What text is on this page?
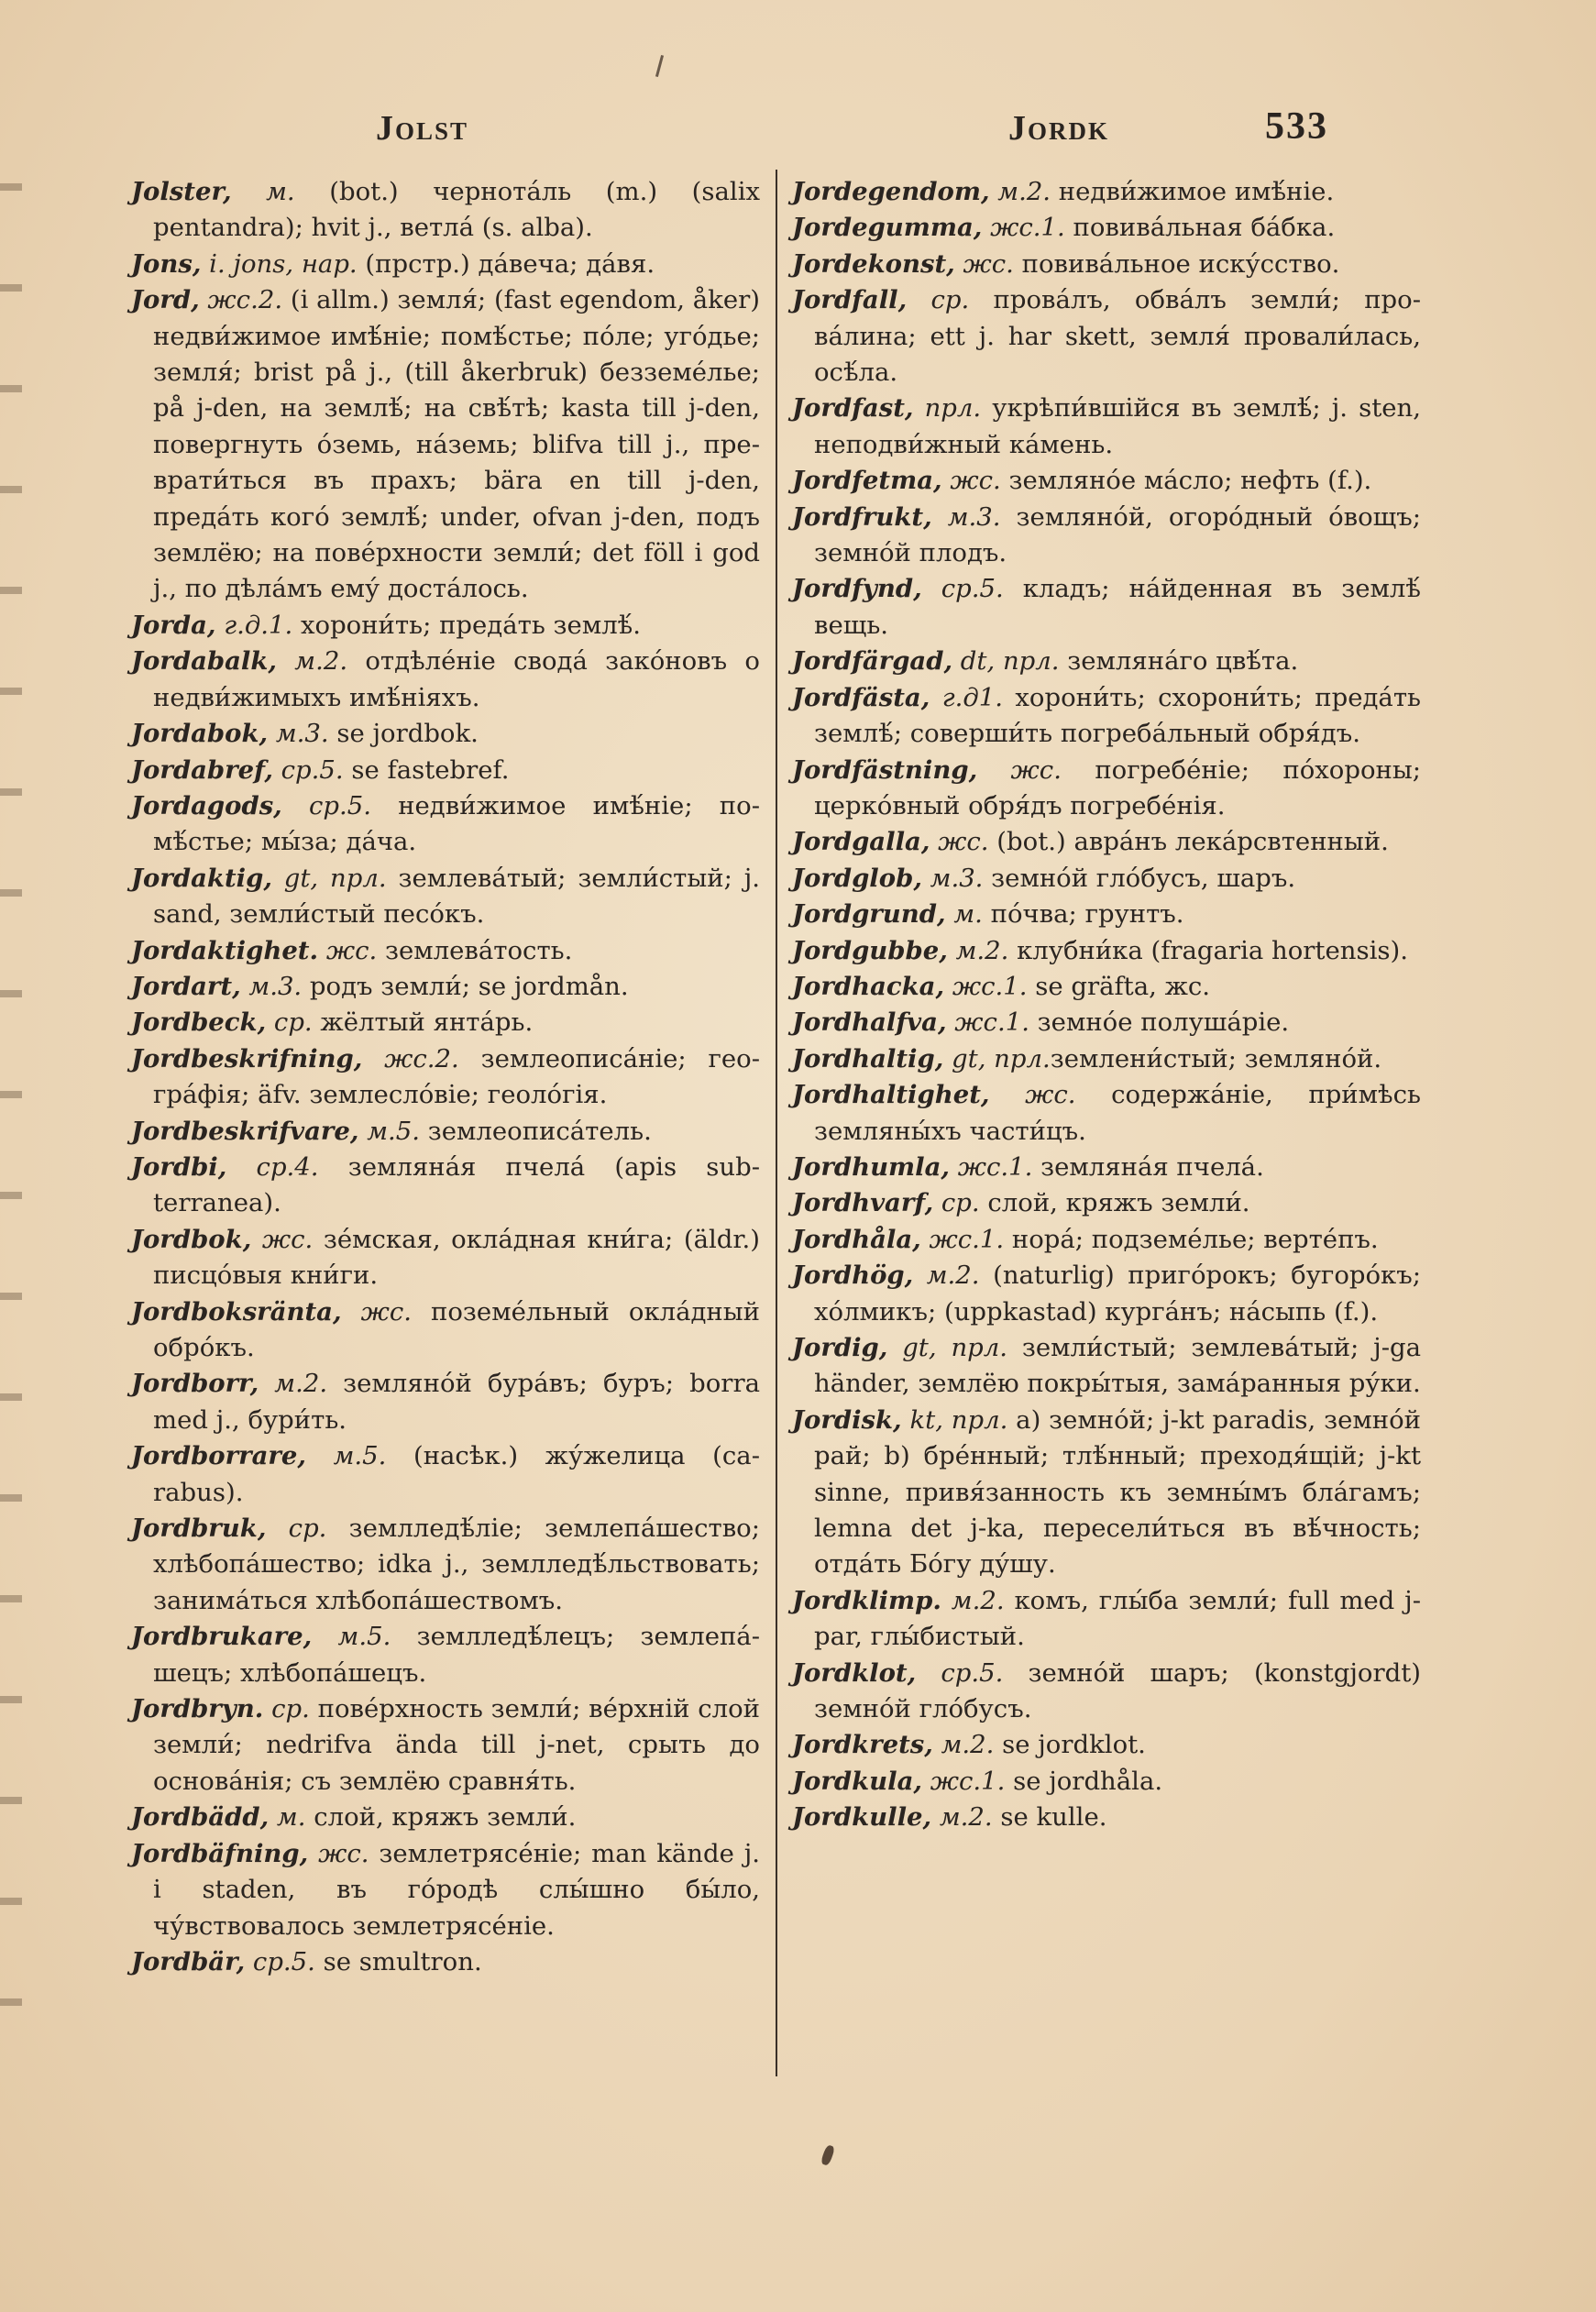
Jolst	Jordk	533

Jolster, м. (bot.) чернота́ль (m.) (salix pentandra); hvit j., ветла́ (s. alba).

Jons, i. jons, нар. (прстр.) да́веча; да́вя.

Jord, жс.2. (i allm.) земля́; (fast egendom, åker) недви́жимое имѣ́ніе; помѣ́стье; по́ле; уго́дье; земля́; brist på j., (till åkerbruk) безземе́лье; på j-den, на землѣ́; на свѣ́тѣ; kasta till j-den, повергнуть о́земь, на́земь; blifva till j., преврати́ться въ прахъ; bära en till j-den, преда́ть кого́ землѣ́; under, ofvan j-den, подъ землёю; на пове́рхности земли́; det föll i god j., по дѣла́мъ ему́ доста́лось.

Jorda, г.д.1. хорони́ть; преда́ть землѣ́.

Jordabalk, м.2. отдѣле́ніе свода́ зако́новъ о недви́жимыхъ имѣ́ніяхъ.

Jordabok, м.3. se jordbok.

Jordabref, ср.5. se fastebref.

Jordagods, ср.5. недви́жимое имѣ́ніе; помѣ́стье; мы́за; да́ча.

Jordaktig, gt, прл. землева́тый; земли́стый; j. sand, земли́стый песо́къ.

Jordaktighet. жс. землева́тость.

Jordart, м.3. родъ земли́; se jordmån.

Jordbeck, ср. жёлтый янта́рь.

Jordbeskrifning, жс.2. землеописа́ніе; геогра́фія; äfv. землесло́віе; геоло́гія.

Jordbeskrifvare, м.5. землеописа́тель.

Jordbi, ср.4. земляна́я пчела́ (apis subterranea).

Jordbok, жс. зе́мская, окла́дная кни́га; (äldr.) писцо́выя кни́ги.

Jordboksränta, жс. поземе́льный окла́дный обро́къ.

Jordborr, м.2. земляно́й бура́въ; буръ; borra med j., бури́ть.

Jordborrare, м.5. (насѣк.) жу́желица (carabus).

Jordbruk, ср. землледѣ́ліе; землепа́шество; хлѣбопа́шество; idka j., землледѣ́льствовать; занима́ться хлѣбопа́шествомъ.

Jordbrukare, м.5. землледѣ́лецъ; землепа́шецъ; хлѣбопа́шецъ.

Jordbryn. ср. пове́рхность земли́; ве́рхній слой земли́; nedrifva ända till j-net, срыть до основа́нія; съ землёю сравня́ть.

Jordbädd, м. слой, кряжъ земли́.

Jordbäfning, жс. землетрясе́ніе; man kände j. i staden, въ го́родѣ слы́шно бы́ло, чу́вствовалось землетрясе́ніе.

Jordbär, ср.5. se smultron.

Jordegendom, м.2. недви́жимое имѣ́ніе.

Jordegumma, жс.1. повива́льная ба́бка.

Jordekonst, жс. повива́льное иску́сство.

Jordfall, ср. прова́лъ, обва́лъ земли́; прова́лина; ett j. har skett, земля́ провали́лась, осѣ́ла.

Jordfast, прл. укрѣпи́вшійся въ землѣ́; j. sten, неподви́жный ка́мень.

Jordfetma, жс. земляно́е ма́сло; нефть (f.).

Jordfrukt, м.3. земляно́й, огоро́дный о́вощъ; земно́й плодъ.

Jordfynd, ср.5. кладъ; на́йденная въ землѣ́ вещь.

Jordfärgad, dt, прл. земляна́го цвѣ́та.

Jordfästa, г.д1. хорони́ть; схорони́ть; преда́ть землѣ́; соверши́ть погреба́льный обря́дъ.

Jordfästning, жс. погребе́ніе; по́хороны; церко́вный обря́дъ погребе́нія.

Jordgalla, жс. (bot.) авра́нъ лека́рсвтенный.

Jordglob, м.3. земно́й гло́бусъ, шаръ.

Jordgrund, м. по́чва; грунтъ.

Jordgubbe, м.2. клубни́ка (fragaria hortensis).

Jordhacka, жс.1. se gräfta, жс.

Jordhalfva, жс.1. земно́е полуша́ріе.

Jordhaltig, gt, прл.землени́стый; земляно́й.

Jordhaltighet, жс. содержа́ніе, при́мѣсь земляны́хъ части́цъ.

Jordhumla, жс.1. земляна́я пчела́.

Jordhvarf, ср. слой, кряжъ земли́.

Jordhåla, жс.1. нора́; подземе́лье; верте́пъ.

Jordhög, м.2. (naturlig) приго́рокъ; бугоро́къ; хо́лмикъ; (uppkastad) курга́нъ; на́сыпь (f.).

Jordig, gt, прл. земли́стый; землева́тый; j-ga händer, землёю покры́тыя, зама́ранныя ру́ки.

Jordisk, kt, прл. a) земно́й; j-kt paradis, земно́й рай; b) бре́нный; тлѣ́нный; преходя́щій; j-kt sinne, привя́занность къ земны́мъ бла́гамъ; lemna det j-ka, переcели́ться въ вѣ́чность; отда́ть Бо́гу ду́шу.

Jordklimp. м.2. комъ, глы́ба земли́; full med j-par, глы́бистый.

Jordklot, ср.5. земно́й шаръ; (konstgjordt) земно́й гло́бусъ.

Jordkrets, м.2. se jordklot.

Jordkula, жс.1. se jordhåla.

Jordkulle, м.2. se kulle.
